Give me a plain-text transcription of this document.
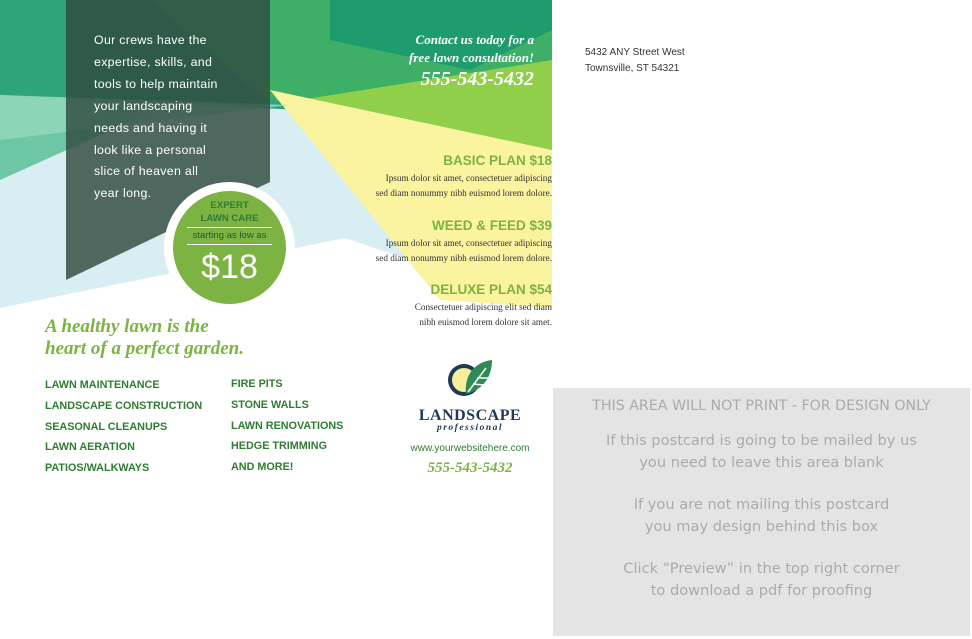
Our crews have the
expertise, skills, and
tools to help maintain
your landscaping
needs and having it
look like a personal
slice of heaven all
year long.
Contact us today for a
free lawn consultation!
555-543-5432
BASIC PLAN $18
Ipsum dolor sit amet, consectetuer adipiscing
sed diam nonummy nibh euismod lorem dolore.
WEED & FEED $39
Ipsum dolor sit amet, consectetuer adipiscing
sed diam nonummy nibh euismod lorem dolore.
DELUXE PLAN $54
Consectetuer adipiscing elit sed diam
nibh euismod lorem dolore sit amet.
EXPERT
LAWN CARE
starting as low as
$18
A healthy lawn is the
heart of a perfect garden.
LAWN MAINTENANCE
LANDSCAPE CONSTRUCTION
SEASONAL CLEANUPS
LAWN AERATION
PATIOS/WALKWAYS
FIRE PITS
STONE WALLS
LAWN RENOVATIONS
HEDGE TRIMMING
AND MORE!
LANDSCAPE
professional
www.yourwebsitehere.com
555-543-5432
5432 ANY Street West
Townsville, ST 54321
THIS AREA WILL NOT PRINT - FOR DESIGN ONLY
If this postcard is going to be mailed by us
you need to leave this area blank
If you are not mailing this postcard
you may design behind this box
Click “Preview” in the top right corner
to download a pdf for proofing
